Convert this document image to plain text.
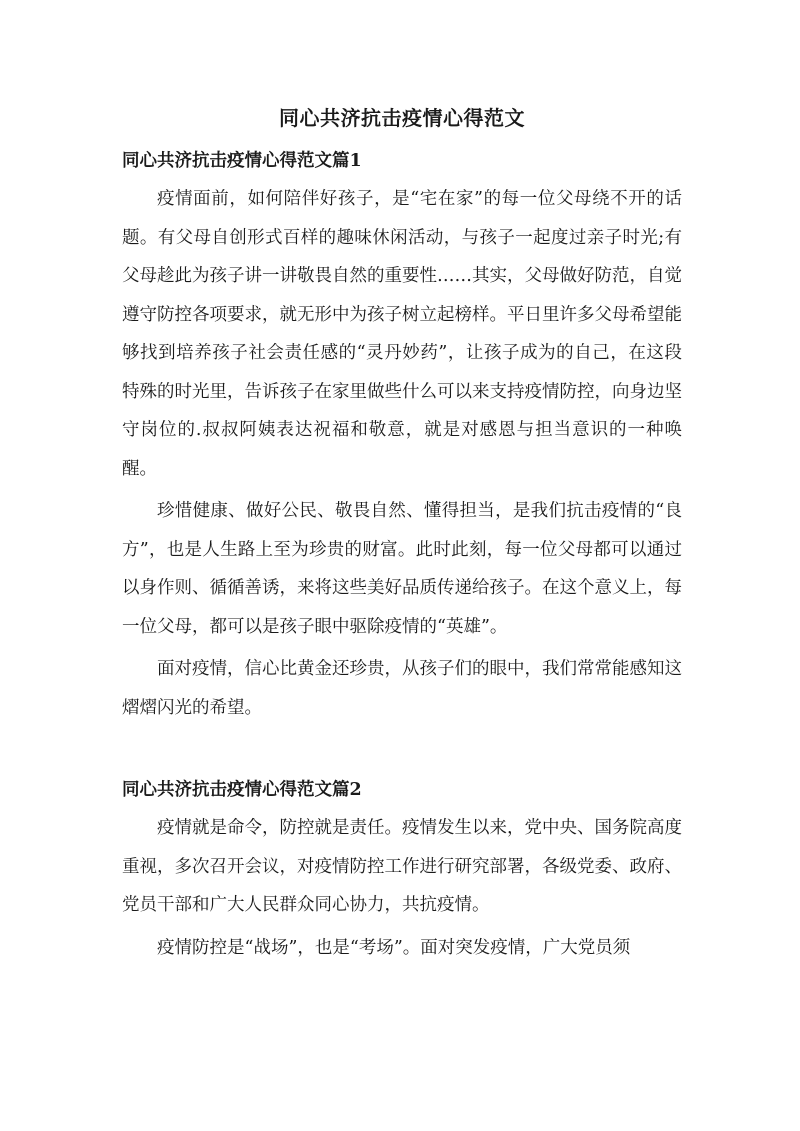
同心共济抗击疫情心得范文
同心共济抗击疫情心得范文篇1

疫情面前，如何陪伴好孩子，是“宅在家”的每一位父母绕不开的话题。有父母自创形式百样的趣味休闲活动，与孩子一起度过亲子时光;有父母趁此为孩子讲一讲敬畏自然的重要性……其实，父母做好防范，自觉遵守防控各项要求，就无形中为孩子树立起榜样。平日里许多父母希望能够找到培养孩子社会责任感的“灵丹妙药”，让孩子成为的自己，在这段特殊的时光里，告诉孩子在家里做些什么可以来支持疫情防控，向身边坚守岗位的.叔叔阿姨表达祝福和敬意，就是对感恩与担当意识的一种唤醒。

珍惜健康、做好公民、敬畏自然、懂得担当，是我们抗击疫情的“良方”，也是人生路上至为珍贵的财富。此时此刻，每一位父母都可以通过以身作则、循循善诱，来将这些美好品质传递给孩子。在这个意义上，每一位父母，都可以是孩子眼中驱除疫情的“英雄”。

面对疫情，信心比黄金还珍贵，从孩子们的眼中，我们常常能感知这熠熠闪光的希望。

同心共济抗击疫情心得范文篇2

疫情就是命令，防控就是责任。疫情发生以来，党中央、国务院高度重视，多次召开会议，对疫情防控工作进行研究部署，各级党委、政府、党员干部和广大人民群众同心协力，共抗疫情。

疫情防控是“战场”，也是“考场”。面对突发疫情，广大党员须
